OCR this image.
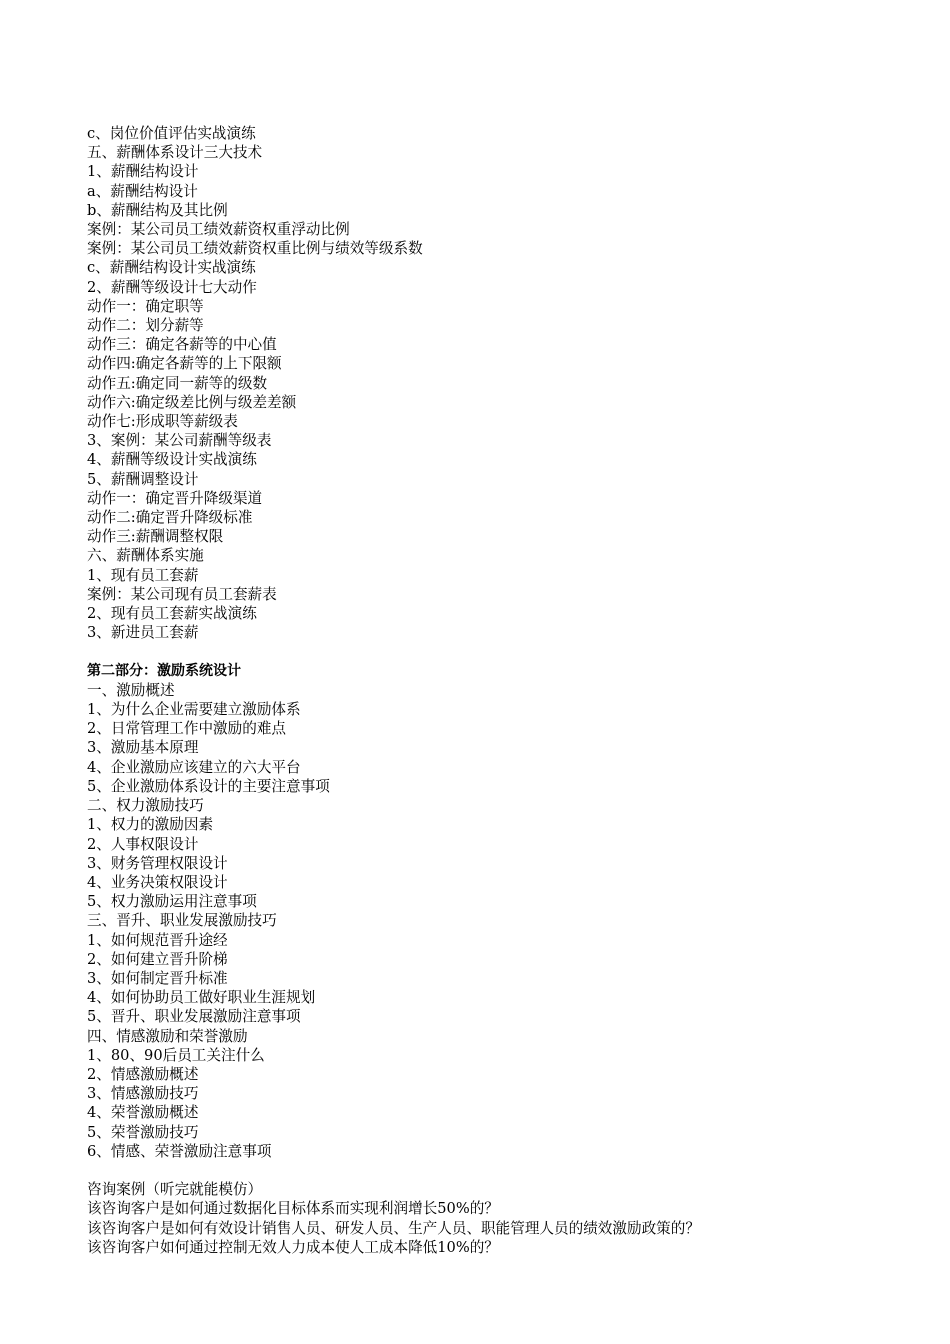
c、岗位价值评估实战演练
五、薪酬体系设计三大技术
1、薪酬结构设计
a、薪酬结构设计
b、薪酬结构及其比例
案例：某公司员工绩效薪资权重浮动比例
案例：某公司员工绩效薪资权重比例与绩效等级系数
c、薪酬结构设计实战演练
2、薪酬等级设计七大动作
动作一：确定职等
动作二：划分薪等
动作三：确定各薪等的中心值
动作四:确定各薪等的上下限额
动作五:确定同一薪等的级数
动作六:确定级差比例与级差差额
动作七:形成职等薪级表
3、案例：某公司薪酬等级表
4、薪酬等级设计实战演练
5、薪酬调整设计
动作一：确定晋升降级渠道
动作二:确定晋升降级标准
动作三:薪酬调整权限
六、薪酬体系实施
1、现有员工套薪
案例：某公司现有员工套薪表
2、现有员工套薪实战演练
3、新进员工套薪
第二部分：激励系统设计
一、激励概述
1、为什么企业需要建立激励体系
2、日常管理工作中激励的难点
3、激励基本原理
4、企业激励应该建立的六大平台
5、企业激励体系设计的主要注意事项
二、权力激励技巧
1、权力的激励因素
2、人事权限设计
3、财务管理权限设计
4、业务决策权限设计
5、权力激励运用注意事项
三、晋升、职业发展激励技巧
1、如何规范晋升途经
2、如何建立晋升阶梯
3、如何制定晋升标准
4、如何协助员工做好职业生涯规划
5、晋升、职业发展激励注意事项
四、情感激励和荣誉激励
1、80、90后员工关注什么
2、情感激励概述
3、情感激励技巧
4、荣誉激励概述
5、荣誉激励技巧
6、情感、荣誉激励注意事项
咨询案例（听完就能模仿）
该咨询客户是如何通过数据化目标体系而实现利润增长50%的？
该咨询客户是如何有效设计销售人员、研发人员、生产人员、职能管理人员的绩效激励政策的？
该咨询客户如何通过控制无效人力成本使人工成本降低10%的？
